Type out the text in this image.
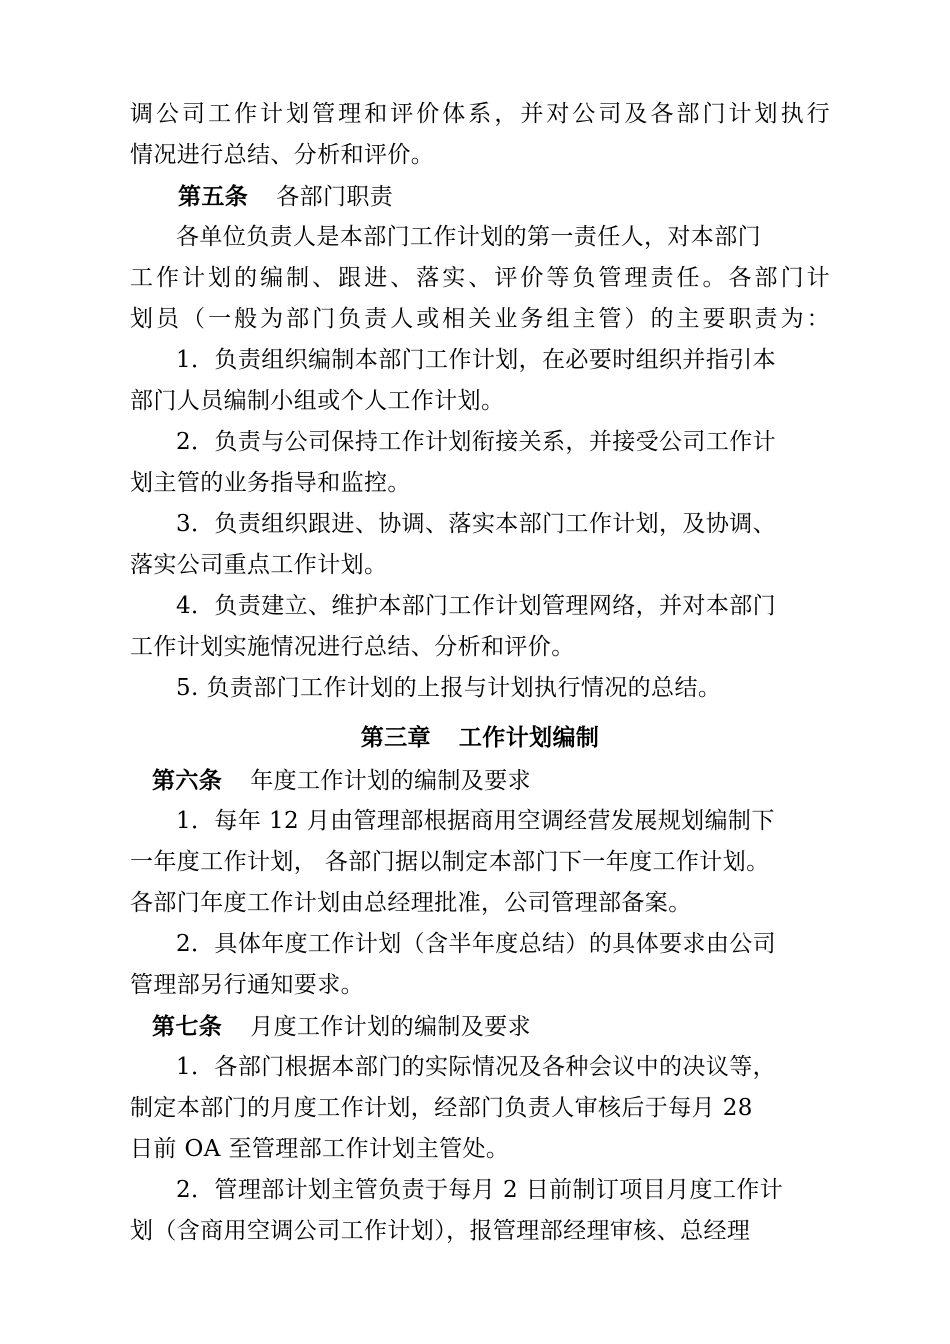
调公司工作计划管理和评价体系，并对公司及各部门计划执行
情况进行总结、分析和评价。
第五条 各部门职责
各单位负责人是本部门工作计划的第一责任人，对本部门
工作计划的编制、跟进、落实、评价等负管理责任。各部门计
划员（一般为部门负责人或相关业务组主管）的主要职责为：
1．负责组织编制本部门工作计划，在必要时组织并指引本
部门人员编制小组或个人工作计划。
2．负责与公司保持工作计划衔接关系，并接受公司工作计
划主管的业务指导和监控。
3．负责组织跟进、协调、落实本部门工作计划，及协调、
落实公司重点工作计划。
4．负责建立、维护本部门工作计划管理网络，并对本部门
工作计划实施情况进行总结、分析和评价。
5. 负责部门工作计划的上报与计划执行情况的总结。
第三章 工作计划编制
第六条 年度工作计划的编制及要求
1．每年 12 月由管理部根据商用空调经营发展规划编制下
一年度工作计划， 各部门据以制定本部门下一年度工作计划。
各部门年度工作计划由总经理批准，公司管理部备案。
2．具体年度工作计划（含半年度总结）的具体要求由公司
管理部另行通知要求。
第七条 月度工作计划的编制及要求
1．各部门根据本部门的实际情况及各种会议中的决议等，
制定本部门的月度工作计划，经部门负责人审核后于每月 28
日前 OA 至管理部工作计划主管处。
2．管理部计划主管负责于每月 2 日前制订项目月度工作计
划（含商用空调公司工作计划），报管理部经理审核、总经理
